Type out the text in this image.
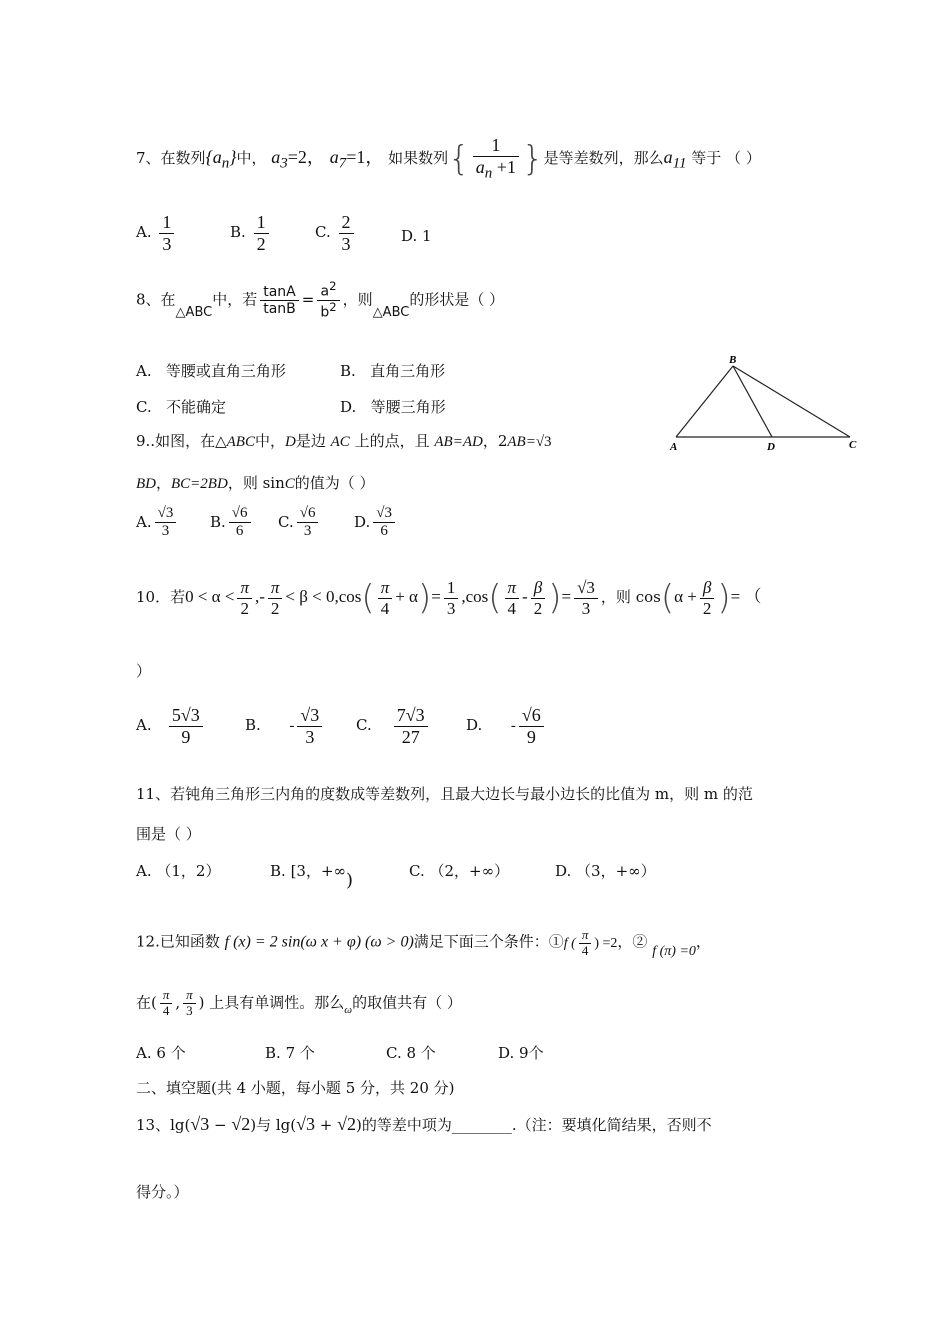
7、在数列$\{a_n\}$中， $a_3=2$， $a_7=1$， 如果数列{ $\frac{1}{a_n +1}$ }是等差数列，那么$a_{11}$ 等于 （ ）
A. $\frac{1}{3}$	B. $\frac{1}{2}$	C. $\frac{2}{3}$	D. 1
8、在△ABC中，若 $\frac{\tan A}{\tan B} = \frac{a^2}{b^2}$ ，则△ABC的形状是（ ）
A. 等腰或直角三角形	B. 直角三角形
C. 不能确定	D. 等腰三角形
B
A	D	C
9..如图，在△ABC中，D是边 AC 上的点，且 AB=AD，2AB=√3
BD，BC=2BD，则 sinC的值为（ ）
A. $\frac{√3}{3} B$. $\frac{√6}{6} C$. $\frac{√6}{3} D$. $\frac{√3}{6}$
10．若$0 < \alpha < \frac{\pi}{2}$ ,- $\frac{\pi}{2} < \beta < 0,\cos( \frac{\pi}{4} + \alpha)= \frac{1}{3} ,\cos( \frac{\pi}{4} - \frac{\beta}{2}$ )= $\frac{√3}{3}$ ，则 $\cos(\alpha + \frac{\beta}{2}$ )= （
）
A. $\frac{5√3}{9}$	B. - $\frac{√3}{3} C$. $\frac{7√3}{27}$	D. - $\frac{√6}{9}$
11、若钝角三角形三内角的度数成等差数列，且最大边长与最小边长的比值为 m，则 m 的范
围是（ ）
A. （1，2）	B. [3，+∞)	C. （2，+∞）	D. （3，+∞）
12.已知函数 f (x) = 2 sin(ω x + φ) (ω > 0)满足下面三个条件：①f ( $\frac{\pi}{4}$ ) =2，② f (π) =0，
在( $\frac{\pi}{4}$ , $\frac{\pi}{3}$ ) 上具有单调性。那么$_\omega$的取值共有（ ）
A. 6 个	B. 7 个	C. 8 个	D. 9个
二、填空题(共 4 小题，每小题 5 分，共 20 分)
13、lg(√3 − √2)与 lg(√3 + √2)的等差中项为________.（注：要填化简结果，否则不
得分。）
